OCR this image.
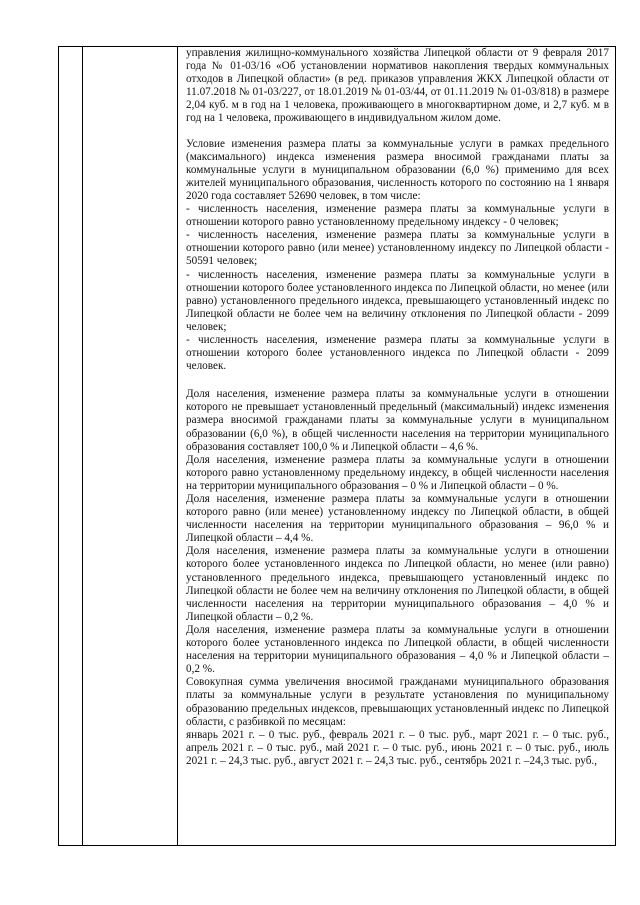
управления жилищно-коммунального хозяйства Липецкой области от 9 февраля 2017 года № 01-03/16 «Об установлении нормативов накопления твердых коммунальных отходов в Липецкой области» (в ред. приказов управления ЖКХ Липецкой области от 11.07.2018 № 01-03/227, от 18.01.2019 № 01-03/44, от 01.11.2019 № 01-03/818) в размере 2,04 куб. м в год на 1 человека, проживающего в многоквартирном доме, и 2,7 куб. м в год на 1 человека, проживающего в индивидуальном жилом доме.

Условие изменения размера платы за коммунальные услуги в рамках предельного (максимального) индекса изменения размера вносимой гражданами платы за коммунальные услуги в муниципальном образовании (6,0 %) применимо для всех жителей муниципального образования, численность которого по состоянию на 1 января 2020 года составляет 52690 человек, в том числе:

- численность населения, изменение размера платы за коммунальные услуги в отношении которого равно установленному предельному индексу - 0 человек;

- численность населения, изменение размера платы за коммунальные услуги в отношении которого равно (или менее) установленному индексу по Липецкой области - 50591 человек;

- численность населения, изменение размера платы за коммунальные услуги в отношении которого более установленного индекса по Липецкой области, но менее (или равно) установленного предельного индекса, превышающего установленный индекс по Липецкой области не более чем на величину отклонения по Липецкой области - 2099 человек;

- численность населения, изменение размера платы за коммунальные услуги в отношении которого более установленного индекса по Липецкой области - 2099 человек.

Доля населения, изменение размера платы за коммунальные услуги в отношении которого не превышает установленный предельный (максимальный) индекс изменения размера вносимой гражданами платы за коммунальные услуги в муниципальном образовании (6,0 %), в общей численности населения на территории муниципального образования составляет 100,0 % и Липецкой области – 4,6 %.

Доля населения, изменение размера платы за коммунальные услуги в отношении которого равно установленному предельному индексу, в общей численности населения на территории муниципального образования – 0 % и Липецкой области – 0 %.

Доля населения, изменение размера платы за коммунальные услуги в отношении которого равно (или менее) установленному индексу по Липецкой области, в общей численности населения на территории муниципального образования – 96,0 % и Липецкой области – 4,4 %.

Доля населения, изменение размера платы за коммунальные услуги в отношении которого более установленного индекса по Липецкой области, но менее (или равно) установленного предельного индекса, превышающего установленный индекс по Липецкой области не более чем на величину отклонения по Липецкой области, в общей численности населения на территории муниципального образования – 4,0 % и Липецкой области – 0,2 %.

Доля населения, изменение размера платы за коммунальные услуги в отношении которого более установленного индекса по Липецкой области, в общей численности населения на территории муниципального образования – 4,0 % и Липецкой области – 0,2 %.

Совокупная сумма увеличения вносимой гражданами муниципального образования платы за коммунальные услуги в результате установления по муниципальному образованию предельных индексов, превышающих установленный индекс по Липецкой области, с разбивкой по месяцам:

январь 2021 г. – 0 тыс. руб., февраль 2021 г. – 0 тыс. руб., март 2021 г. – 0 тыс. руб., апрель 2021 г. – 0 тыс. руб., май 2021 г. – 0 тыс. руб., июнь 2021 г. – 0 тыс. руб., июль 2021 г. – 24,3 тыс. руб., август 2021 г. – 24,3 тыс. руб., сентябрь 2021 г. –24,3 тыс. руб.,
